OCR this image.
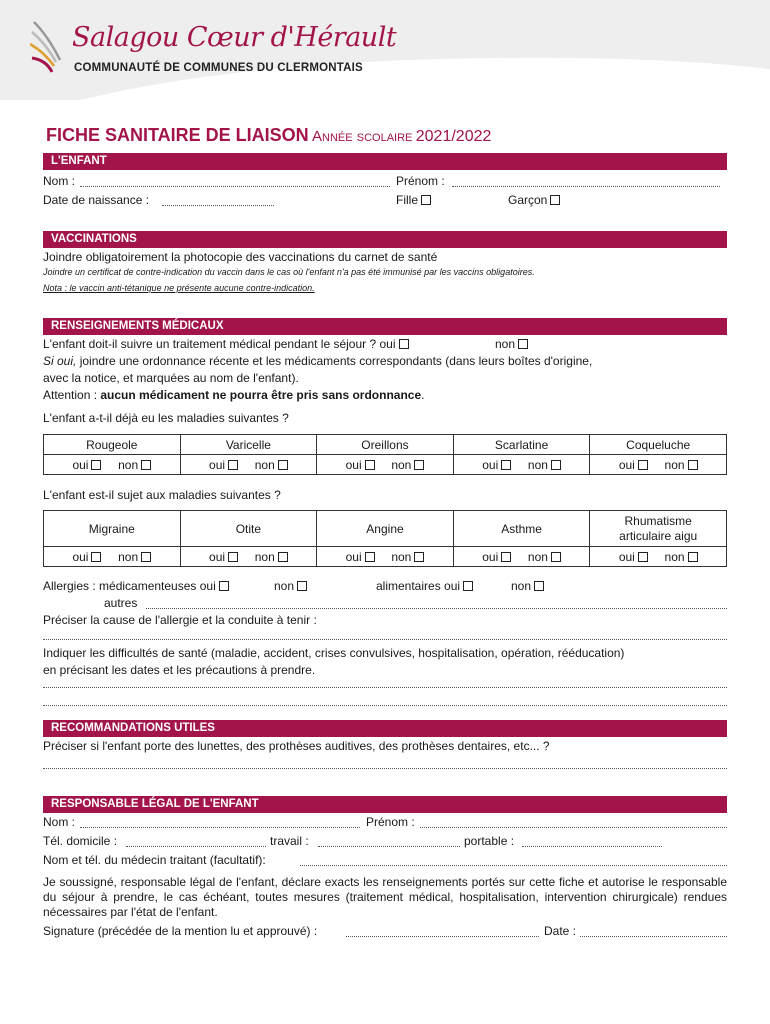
Salagou Cœur d'Hérault
COMMUNAUTÉ DE COMMUNES DU CLERMONTAIS
FICHE SANITAIRE DE LIAISON Année scolaire 2021/2022
L'ENFANT
Nom :	Prénom :
Date de naissance :	Fille	Garçon
VACCINATIONS
Joindre obligatoirement la photocopie des vaccinations du carnet de santé
Joindre un certificat de contre-indication du vaccin dans le cas où l'enfant n'a pas été immunisé par les vaccins obligatoires.
Nota : le vaccin anti-tétanique ne présente aucune contre-indication.
RENSEIGNEMENTS MÉDICAUX
L'enfant doit-il suivre un traitement médical pendant le séjour ? oui	non
Si oui, joindre une ordonnance récente et les médicaments correspondants (dans leurs boîtes d'origine,
avec la notice, et marquées au nom de l'enfant).
Attention : aucun médicament ne pourra être pris sans ordonnance.
L'enfant a-t-il déjà eu les maladies suivantes ?
Rougeole	Varicelle	Oreillons	Scarlatine	Coqueluche
oui non	oui non	oui non	oui non	oui non
L'enfant est-il sujet aux maladies suivantes ?
Migraine	Otite	Angine	Asthme	Rhumatisme articulaire aigu
oui non	oui non	oui non	oui non	oui non
Allergies : médicamenteuses oui	non	alimentaires oui	non
autres
Préciser la cause de l'allergie et la conduite à tenir :
Indiquer les difficultés de santé (maladie, accident, crises convulsives, hospitalisation, opération, rééducation)
en précisant les dates et les précautions à prendre.
RECOMMANDATIONS UTILES
Préciser si l'enfant porte des lunettes, des prothèses auditives, des prothèses dentaires, etc... ?
RESPONSABLE LÉGAL DE L'ENFANT
Nom :	Prénom :
Tél. domicile :	travail :	portable :
Nom et tél. du médecin traitant (facultatif):
Je soussigné, responsable légal de l'enfant, déclare exacts les renseignements portés sur cette fiche et autorise le responsable du séjour à prendre, le cas échéant, toutes mesures (traitement médical, hospitalisation, intervention chirurgicale) rendues nécessaires par l'état de l'enfant.
Signature (précédée de la mention lu et approuvé) :	Date :
